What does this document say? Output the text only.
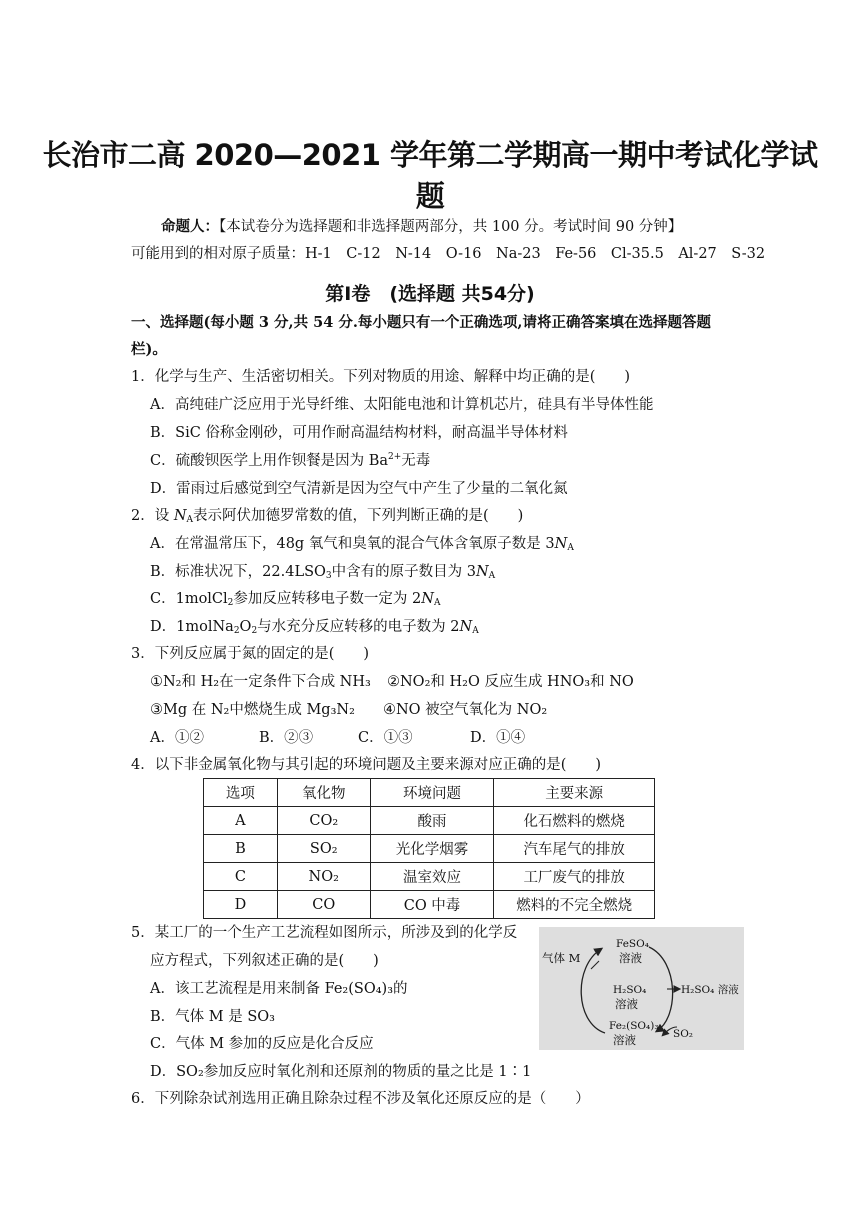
长治市二高 2020—2021 学年第二学期高一期中考试化学试
题
命题人：【本试卷分为选择题和非选择题两部分，共 100 分。考试时间 90 分钟】
可能用到的相对原子质量：H-1　C-12　N-14　O-16　Na-23　Fe-56　Cl-35.5　Al-27　S-32
第Ⅰ卷　(选择题 共54分)
一、选择题(每小题 3 分,共 54 分.每小题只有一个正确选项,请将正确答案填在选择题答题
栏)。
1．化学与生产、生活密切相关。下列对物质的用途、解释中均正确的是(　　)
A．高纯硅广泛应用于光导纤维、太阳能电池和计算机芯片，硅具有半导体性能
B．SiC 俗称金刚砂，可用作耐高温结构材料，耐高温半导体材料
C．硫酸钡医学上用作钡餐是因为 $Ba^{2+}$无毒
D．雷雨过后感觉到空气清新是因为空气中产生了少量的二氧化氮
2．设 $N_A$表示阿伏加德罗常数的值，下列判断正确的是(　　)
A．在常温常压下，48g 氧气和臭氧的混合气体含氧原子数是 $3N_A$
B．标准状况下，$22.4LSO_3$中含有的原子数目为 $3N_A$
C．1molCl$_2$参加反应转移电子数一定为 $2N_A$
D．$1molNa_2O_2$与水充分反应转移的电子数为 $2N_A$
3．下列反应属于氮的固定的是(　　)
①N₂和 H₂在一定条件下合成 NH₃ ②NO₂和 H₂O 反应生成 HNO₃和 NO
③Mg 在 N₂中燃烧生成 Mg₃N₂ ④NO 被空气氧化为 NO₂
A．①②	B．②③	C．①③	D．①④
4．以下非金属氧化物与其引起的环境问题及主要来源对应正确的是(　　)
选项	氧化物	环境问题	主要来源
A	CO₂	酸雨	化石燃料的燃烧
B	SO₂	光化学烟雾	汽车尾气的排放
C	NO₂	温室效应	工厂废气的排放
D	CO	CO 中毒	燃料的不完全燃烧
5．某工厂的一个生产工艺流程如图所示，所涉及到的化学反
应方程式，下列叙述正确的是(　　)
A．该工艺流程是用来制备 Fe₂(SO₄)₃的
B．气体 M 是 SO₃
C．气体 M 参加的反应是化合反应
D．SO₂参加反应时氧化剂和还原剂的物质的量之比是 1∶1
气体 M
FeSO₄
溶液
H₂SO₄
溶液
H₂SO₄ 溶液
Fe₂(SO₄)₃
溶液	SO₂
6．下列除杂试剂选用正确且除杂过程不涉及氧化还原反应的是（　　）
